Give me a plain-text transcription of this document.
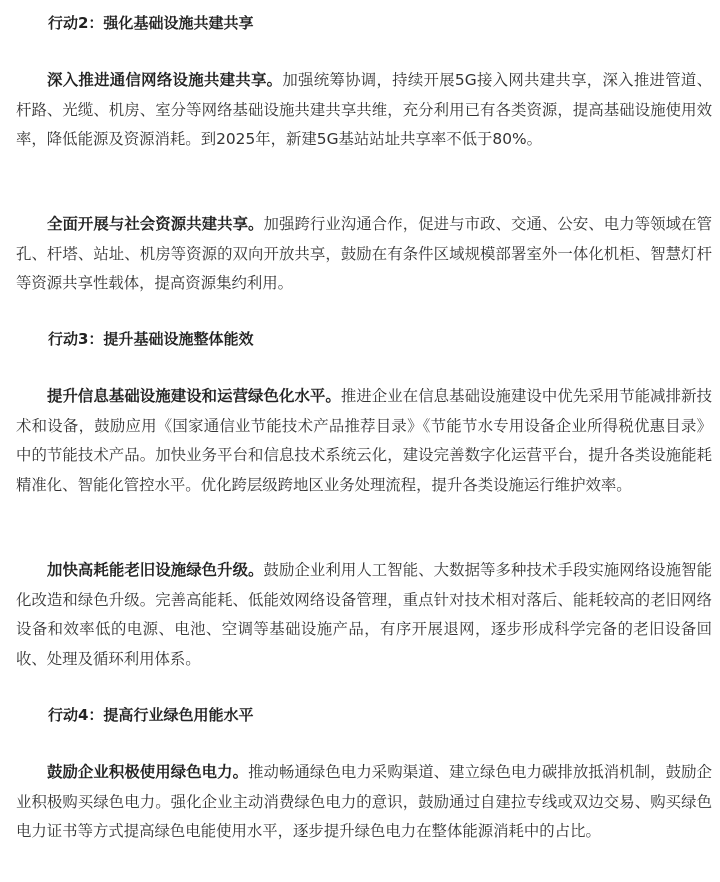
行动2：强化基础设施共建共享

深入推进通信网络设施共建共享。加强统筹协调，持续开展5G接入网共建共享，深入推进管道、杆路、光缆、机房、室分等网络基础设施共建共享共维，充分利用已有各类资源，提高基础设施使用效率，降低能源及资源消耗。到2025年，新建5G基站站址共享率不低于80%。

全面开展与社会资源共建共享。加强跨行业沟通合作，促进与市政、交通、公安、电力等领域在管孔、杆塔、站址、机房等资源的双向开放共享，鼓励在有条件区域规模部署室外一体化机柜、智慧灯杆等资源共享性载体，提高资源集约利用。

行动3：提升基础设施整体能效

提升信息基础设施建设和运营绿色化水平。推进企业在信息基础设施建设中优先采用节能减排新技术和设备，鼓励应用《国家通信业节能技术产品推荐目录》《节能节水专用设备企业所得税优惠目录》中的节能技术产品。加快业务平台和信息技术系统云化，建设完善数字化运营平台，提升各类设施能耗精准化、智能化管控水平。优化跨层级跨地区业务处理流程，提升各类设施运行维护效率。

加快高耗能老旧设施绿色升级。鼓励企业利用人工智能、大数据等多种技术手段实施网络设施智能化改造和绿色升级。完善高能耗、低能效网络设备管理，重点针对技术相对落后、能耗较高的老旧网络设备和效率低的电源、电池、空调等基础设施产品，有序开展退网，逐步形成科学完备的老旧设备回收、处理及循环利用体系。

行动4：提高行业绿色用能水平

鼓励企业积极使用绿色电力。推动畅通绿色电力采购渠道、建立绿色电力碳排放抵消机制，鼓励企业积极购买绿色电力。强化企业主动消费绿色电力的意识，鼓励通过自建拉专线或双边交易、购买绿色电力证书等方式提高绿色电能使用水平，逐步提升绿色电力在整体能源消耗中的占比。
